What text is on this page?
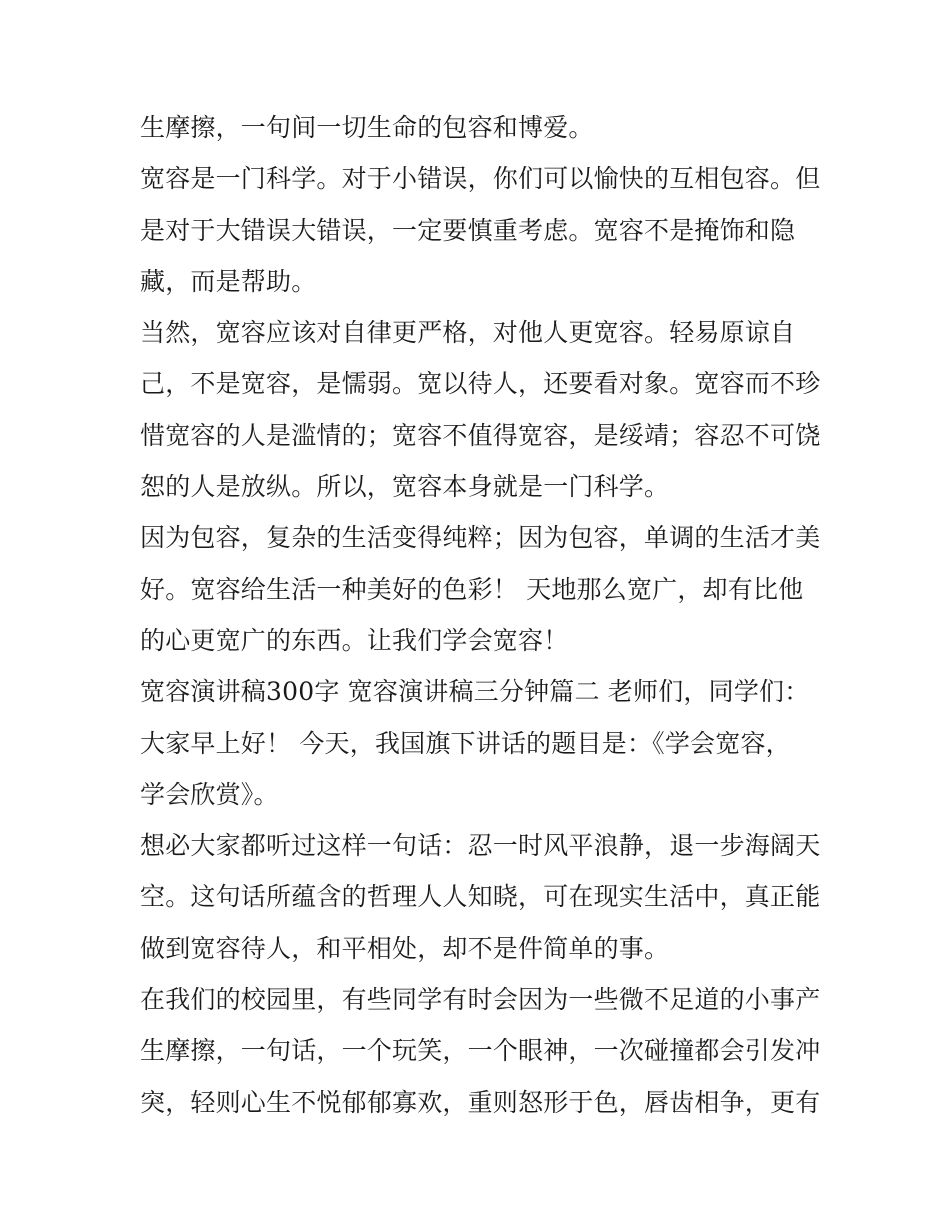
生摩擦，一句间一切生命的包容和博爱。
宽容是一门科学。对于小错误，你们可以愉快的互相包容。但
是对于大错误大错误，一定要慎重考虑。宽容不是掩饰和隐
藏，而是帮助。
当然，宽容应该对自律更严格，对他人更宽容。轻易原谅自
己，不是宽容，是懦弱。宽以待人，还要看对象。宽容而不珍
惜宽容的人是滥情的；宽容不值得宽容，是绥靖；容忍不可饶
恕的人是放纵。所以，宽容本身就是一门科学。
因为包容，复杂的生活变得纯粹；因为包容，单调的生活才美
好。宽容给生活一种美好的色彩！ 天地那么宽广，却有比他
的心更宽广的东西。让我们学会宽容！
宽容演讲稿300字 宽容演讲稿三分钟篇二 老师们，同学们：
大家早上好！ 今天，我国旗下讲话的题目是：《学会宽容，
学会欣赏》。
想必大家都听过这样一句话：忍一时风平浪静，退一步海阔天
空。这句话所蕴含的哲理人人知晓，可在现实生活中，真正能
做到宽容待人，和平相处，却不是件简单的事。
在我们的校园里，有些同学有时会因为一些微不足道的小事产
生摩擦，一句话，一个玩笑，一个眼神，一次碰撞都会引发冲
突，轻则心生不悦郁郁寡欢，重则怒形于色，唇齿相争，更有
